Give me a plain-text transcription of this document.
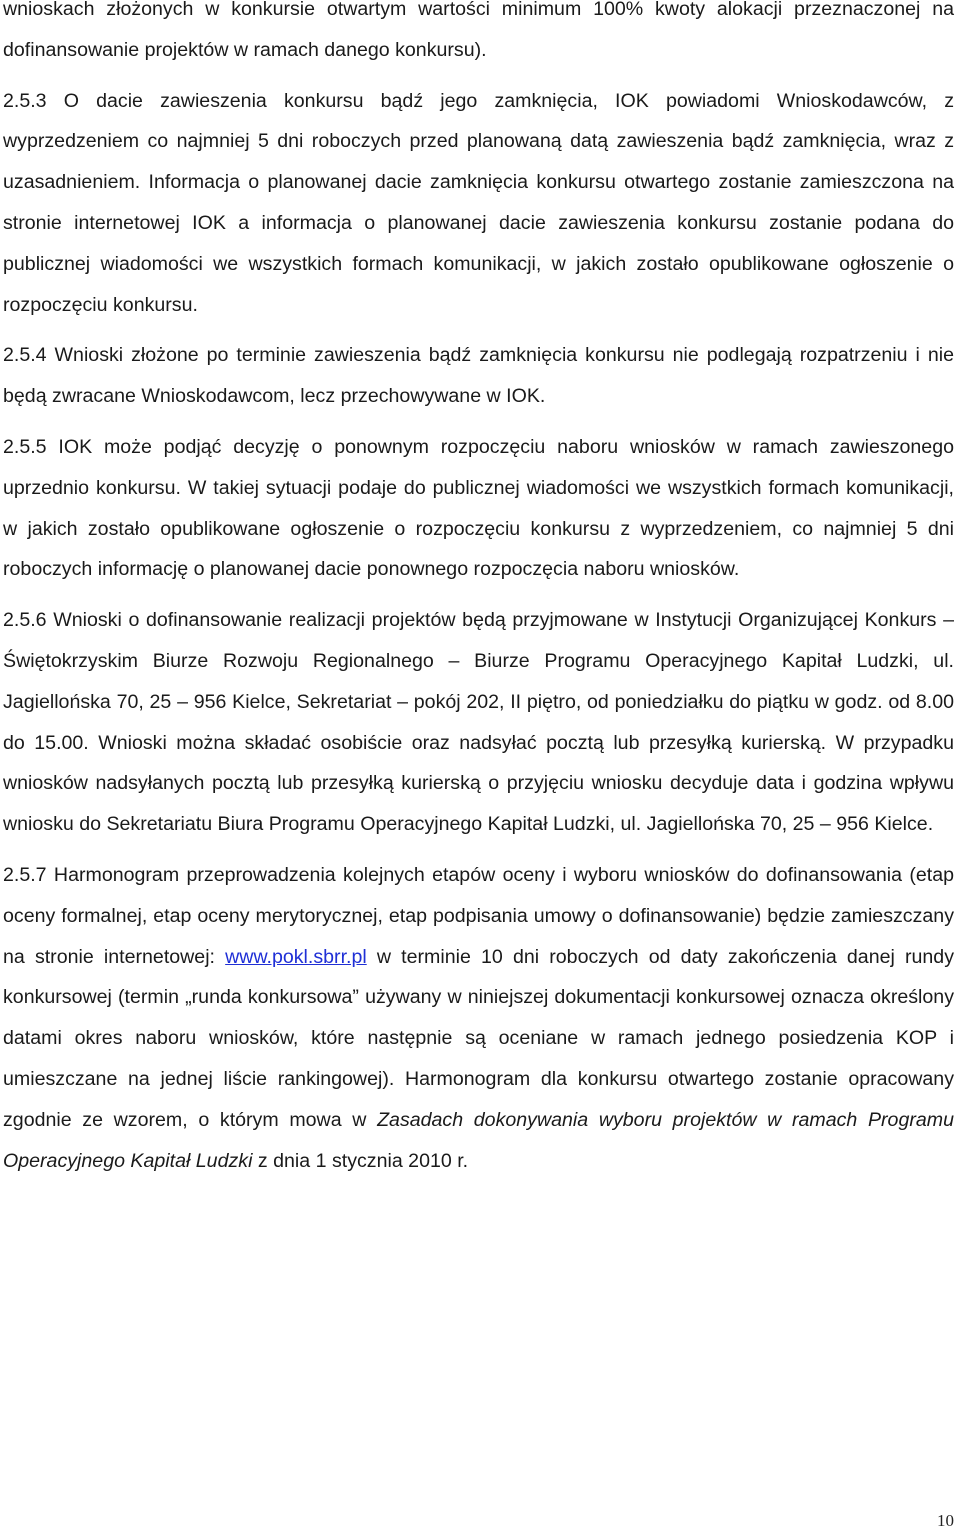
wnioskach złożonych w konkursie otwartym wartości minimum 100% kwoty alokacji przeznaczonej na dofinansowanie projektów w ramach danego konkursu).

2.5.3 O dacie zawieszenia konkursu bądź jego zamknięcia, IOK powiadomi Wnioskodawców, z wyprzedzeniem co najmniej 5 dni roboczych przed planowaną datą zawieszenia bądź zamknięcia, wraz z uzasadnieniem. Informacja o planowanej dacie zamknięcia konkursu otwartego zostanie zamieszczona na stronie internetowej IOK a informacja o planowanej dacie zawieszenia konkursu zostanie podana do publicznej wiadomości we wszystkich formach komunikacji, w jakich zostało opublikowane ogłoszenie o rozpoczęciu konkursu.

2.5.4 Wnioski złożone po terminie zawieszenia bądź zamknięcia konkursu nie podlegają rozpatrzeniu i nie będą zwracane Wnioskodawcom, lecz przechowywane w IOK.

2.5.5 IOK może podjąć decyzję o ponownym rozpoczęciu naboru wniosków w ramach zawieszonego uprzednio konkursu. W takiej sytuacji podaje do publicznej wiadomości we wszystkich formach komunikacji, w jakich zostało opublikowane ogłoszenie o rozpoczęciu konkursu z wyprzedzeniem, co najmniej 5 dni roboczych informację o planowanej dacie ponownego rozpoczęcia naboru wniosków.

2.5.6 Wnioski o dofinansowanie realizacji projektów będą przyjmowane w Instytucji Organizującej Konkurs – Świętokrzyskim Biurze Rozwoju Regionalnego – Biurze Programu Operacyjnego Kapitał Ludzki, ul. Jagiellońska 70, 25 – 956 Kielce, Sekretariat – pokój 202, II piętro, od poniedziałku do piątku w godz. od 8.00 do 15.00. Wnioski można składać osobiście oraz nadsyłać pocztą lub przesyłką kurierską. W przypadku wniosków nadsyłanych pocztą lub przesyłką kurierską o przyjęciu wniosku decyduje data i godzina wpływu wniosku do Sekretariatu Biura Programu Operacyjnego Kapitał Ludzki, ul. Jagiellońska 70, 25 – 956 Kielce.

2.5.7 Harmonogram przeprowadzenia kolejnych etapów oceny i wyboru wniosków do dofinansowania (etap oceny formalnej, etap oceny merytorycznej, etap podpisania umowy o dofinansowanie) będzie zamieszczany na stronie internetowej: www.pokl.sbrr.pl w terminie 10 dni roboczych od daty zakończenia danej rundy konkursowej (termin „runda konkursowa” używany w niniejszej dokumentacji konkursowej oznacza określony datami okres naboru wniosków, które następnie są oceniane w ramach jednego posiedzenia KOP i umieszczane na jednej liście rankingowej). Harmonogram dla konkursu otwartego zostanie opracowany zgodnie ze wzorem, o którym mowa w Zasadach dokonywania wyboru projektów w ramach Programu Operacyjnego Kapitał Ludzki z dnia 1 stycznia 2010 r.

10
